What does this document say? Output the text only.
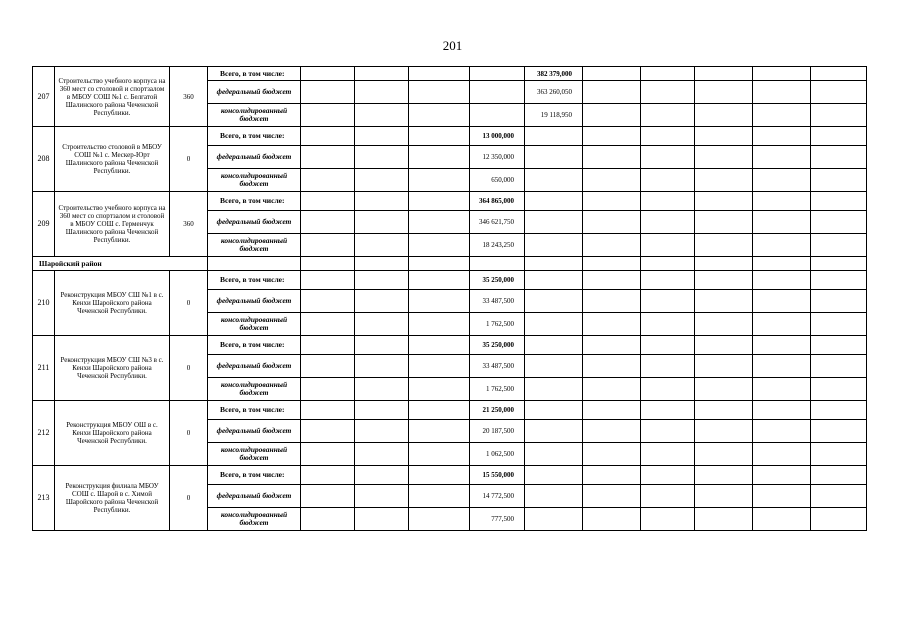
201
207	Строительство учебного корпуса на 360 мест со столовой и спортзалом в МБОУ СОШ №1 с. Белгатой Шалинского района Чеченской Республики.	360	Всего, в том числе:					382 379,000					
			федеральный бюджет					363 260,050					
			консолидированный бюджет					19 118,950					
208	Строительство столовой в МБОУ СОШ №1 с. Мескер-Юрт Шалинского района Чеченской Республики.	0	Всего, в том числе:				13 000,000						
			федеральный бюджет				12 350,000						
			консолидированный бюджет				650,000						
209	Строительство учебного корпуса на 360 мест со спортзалом и столовой в МБОУ СОШ с. Герменчук Шалинского района Чеченской Республики.	360	Всего, в том числе:				364 865,000						
			федеральный бюджет				346 621,750						
			консолидированный бюджет				18 243,250						
Шаройский район													
210	Реконструкция МБОУ СШ №1 в с. Кенхи Шаройского района Чеченской Республики.	0	Всего, в том числе:				35 250,000						
			федеральный бюджет				33 487,500						
			консолидированный бюджет				1 762,500						
211	Реконструкция МБОУ СШ №3 в с. Кенхи Шаройского района Чеченской Республики.	0	Всего, в том числе:				35 250,000						
			федеральный бюджет				33 487,500						
			консолидированный бюджет				1 762,500						
212	Реконструкция МБОУ ОШ в с. Кенхи Шаройского района Чеченской Республики.	0	Всего, в том числе:				21 250,000						
			федеральный бюджет				20 187,500						
			консолидированный бюджет				1 062,500						
213	Реконструкция филиала МБОУ СОШ с. Шарой в с. Химой Шаройского района Чеченской Республики.	0	Всего, в том числе:				15 550,000						
			федеральный бюджет				14 772,500						
			консолидированный бюджет				777,500						
